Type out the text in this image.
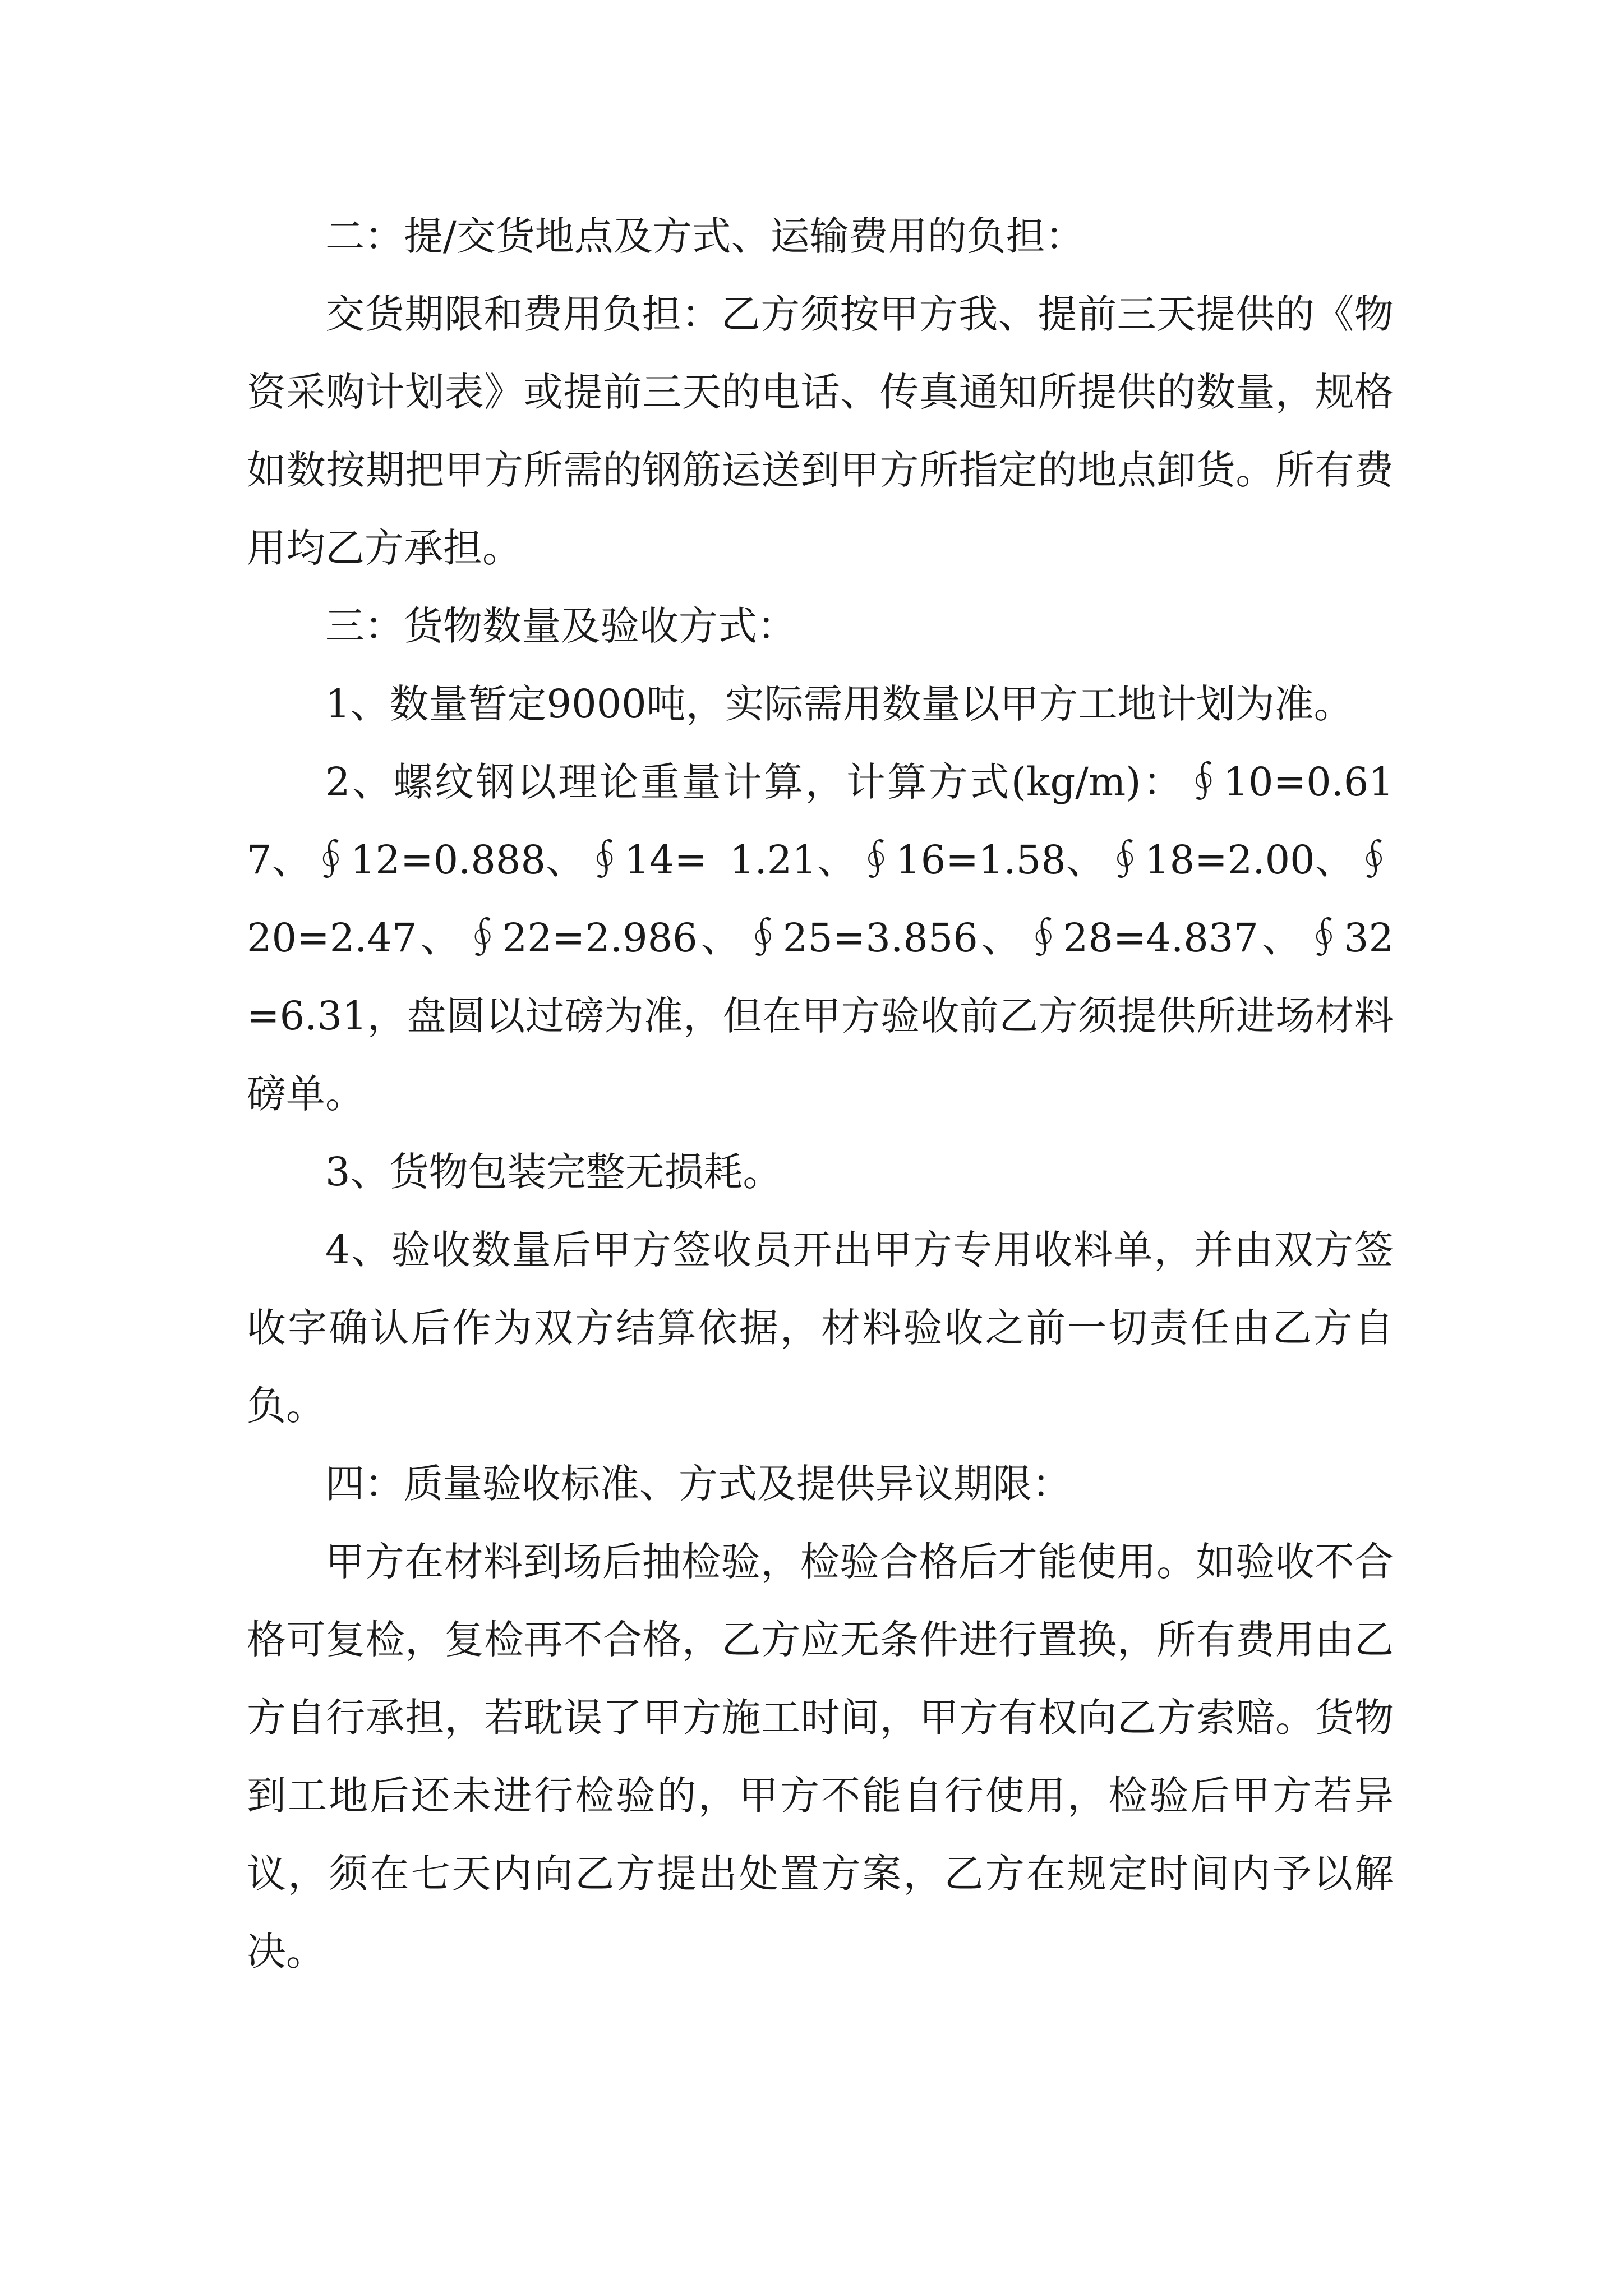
二：提/交货地点及方式、运输费用的负担：

交货期限和费用负担：乙方须按甲方我、提前三天提供的《物资采购计划表》或提前三天的电话、传真通知所提供的数量，规格如数按期把甲方所需的钢筋运送到甲方所指定的地点卸货。所有费用均乙方承担。

三：货物数量及验收方式：

1、数量暂定9000吨，实际需用数量以甲方工地计划为准。

2、螺纹钢以理论重量计算，计算方式(kg/m)：∮10=0.617、∮12=0.888、∮14= 1.21、∮16=1.58、∮18=2.00、∮20=2.47、∮22=2.986、∮25=3.856、∮28=4.837、∮32=6.31，盘圆以过磅为准，但在甲方验收前乙方须提供所进场材料磅单。

3、货物包装完整无损耗。

4、验收数量后甲方签收员开出甲方专用收料单，并由双方签收字确认后作为双方结算依据，材料验收之前一切责任由乙方自负。

四：质量验收标准、方式及提供异议期限：

甲方在材料到场后抽检验，检验合格后才能使用。如验收不合格可复检，复检再不合格，乙方应无条件进行置换，所有费用由乙方自行承担，若耽误了甲方施工时间，甲方有权向乙方索赔。货物到工地后还未进行检验的，甲方不能自行使用，检验后甲方若异议，须在七天内向乙方提出处置方案，乙方在规定时间内予以解决。
